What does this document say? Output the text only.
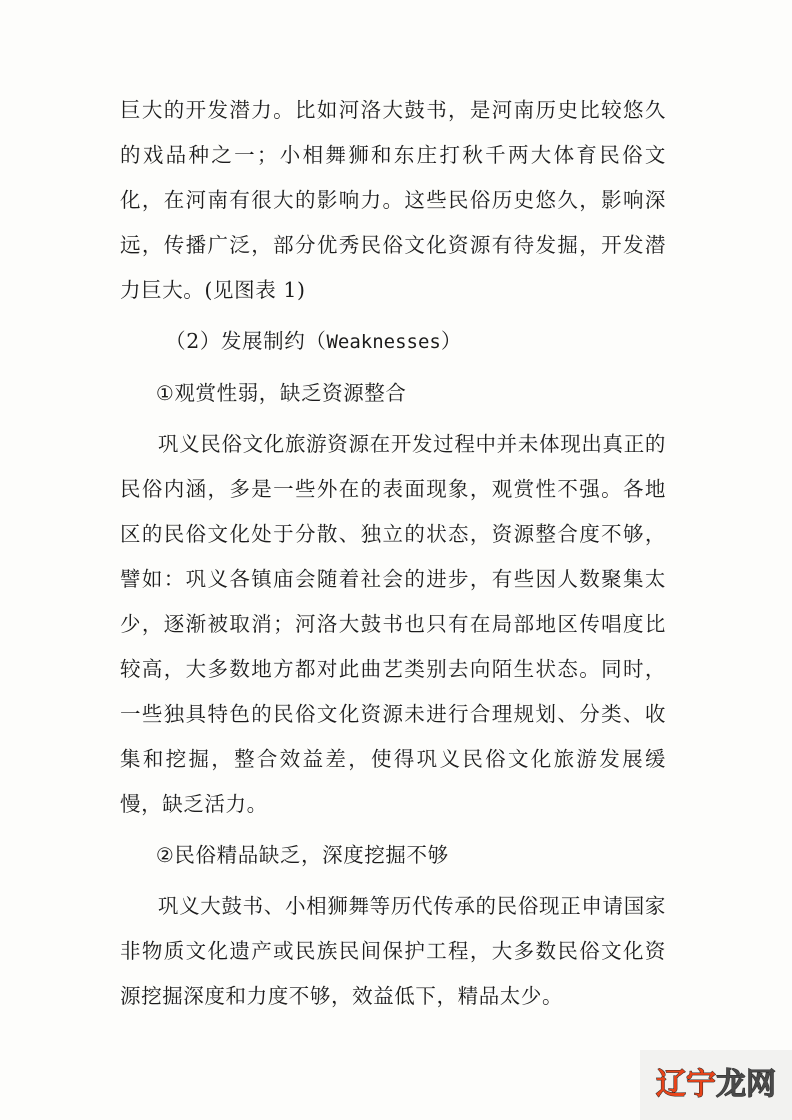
巨大的开发潜力。比如河洛大鼓书，是河南历史比较悠久的戏品种之一；小相舞狮和东庄打秋千两大体育民俗文化，在河南有很大的影响力。这些民俗历史悠久，影响深远，传播广泛，部分优秀民俗文化资源有待发掘，开发潜力巨大。(见图表 1)

（2）发展制约（Weaknesses）

①观赏性弱，缺乏资源整合

巩义民俗文化旅游资源在开发过程中并未体现出真正的民俗内涵，多是一些外在的表面现象，观赏性不强。各地区的民俗文化处于分散、独立的状态，资源整合度不够，譬如：巩义各镇庙会随着社会的进步，有些因人数聚集太少，逐渐被取消；河洛大鼓书也只有在局部地区传唱度比较高，大多数地方都对此曲艺类别去向陌生状态。同时，一些独具特色的民俗文化资源未进行合理规划、分类、收集和挖掘，整合效益差，使得巩义民俗文化旅游发展缓慢，缺乏活力。

②民俗精品缺乏，深度挖掘不够

巩义大鼓书、小相狮舞等历代传承的民俗现正申请国家非物质文化遗产或民族民间保护工程，大多数民俗文化资源挖掘深度和力度不够，效益低下，精品太少。

辽宁龙网
